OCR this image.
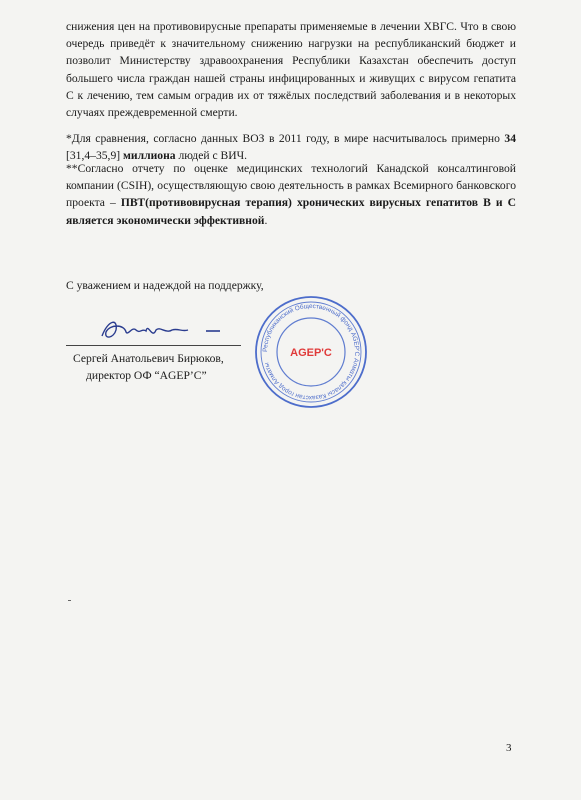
снижения цен на противовирусные препараты применяемые в лечении ХВГС. Что в свою очередь приведёт к значительному снижению нагрузки на республиканский бюджет и позволит Министерству здравоохранения Республики Казахстан обеспечить доступ большего числа граждан нашей страны инфицированных и живущих с вирусом гепатита С к лечению, тем самым оградив их от тяжёлых последствий заболевания и в некоторых случаях преждевременной смерти.

*Для сравнения, согласно данных ВОЗ в 2011 году, в мире насчитывалось примерно 34 [31,4–35,9] миллиона людей с ВИЧ.

**Согласно отчету по оценке медицинских технологий Канадской консалтинговой компании (CSIH), осуществляющую свою деятельность в рамках Всемирного банковского проекта – ПВТ(противовирусная терапия) хронических вирусных гепатитов В и С является экономически эффективной.

С уважением и надеждой на поддержку,

Сергей Анатольевич Бирюков,
директор ОФ “AGEP’C”

Республиканский Общественный фонд AGEP'C Алматы қаласы Казахстан город Алматы
AGEP'C
3
